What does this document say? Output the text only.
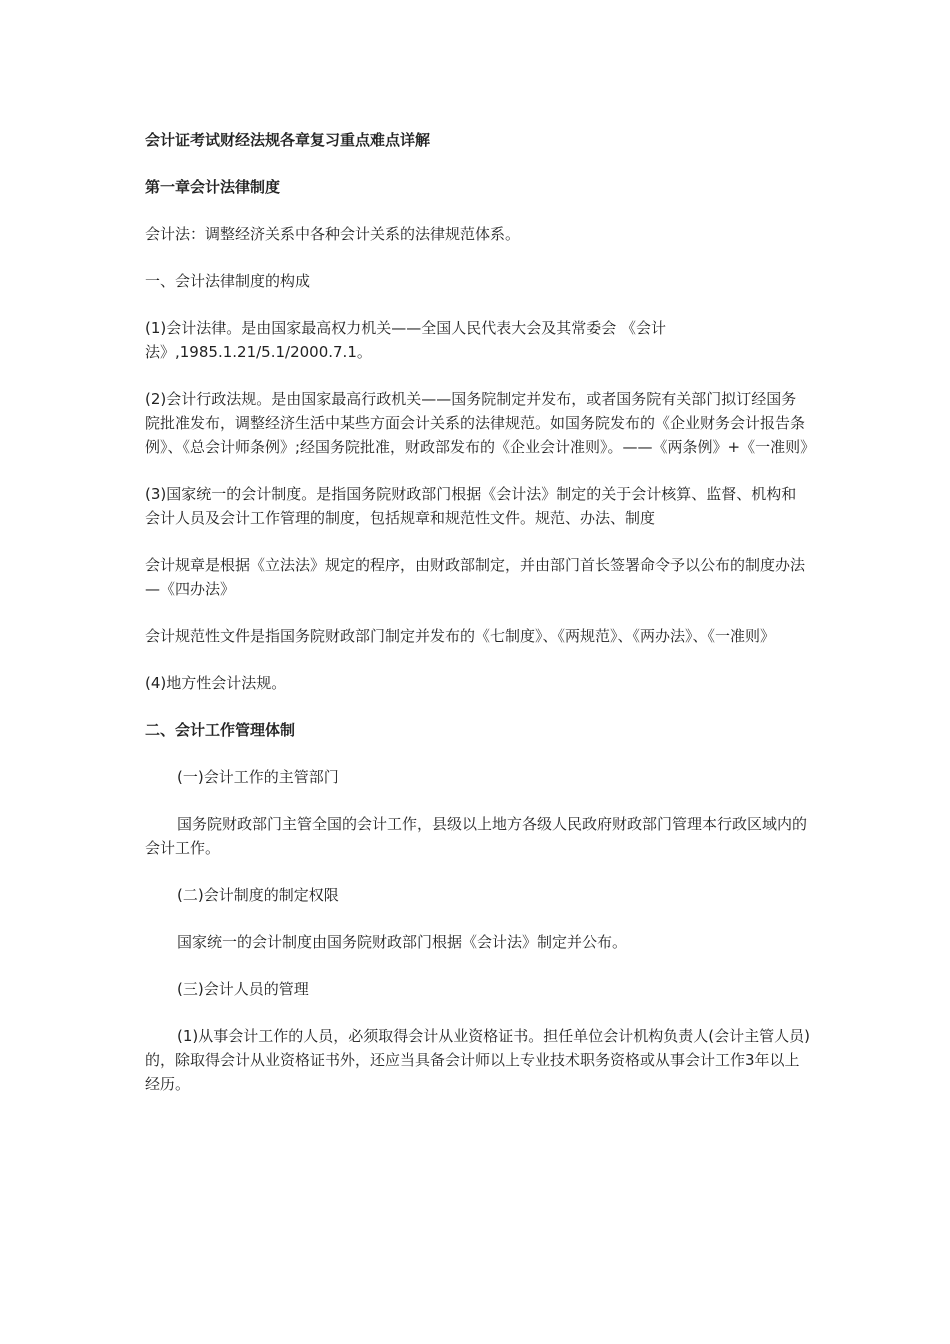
会计证考试财经法规各章复习重点难点详解

第一章会计法律制度

会计法：调整经济关系中各种会计关系的法律规范体系。

一、会计法律制度的构成

(1)会计法律。是由国家最高权力机关——全国人民代表大会及其常委会 《会计法》,1985.1.21/5.1/2000.7.1。

(2)会计行政法规。是由国家最高行政机关——国务院制定并发布，或者国务院有关部门拟订经国务院批准发布，调整经济生活中某些方面会计关系的法律规范。如国务院发布的《企业财务会计报告条例》、《总会计师条例》;经国务院批准，财政部发布的《企业会计准则》。——《两条例》+《一准则》

(3)国家统一的会计制度。是指国务院财政部门根据《会计法》制定的关于会计核算、监督、机构和会计人员及会计工作管理的制度，包括规章和规范性文件。规范、办法、制度

会计规章是根据《立法法》规定的程序，由财政部制定，并由部门首长签署命令予以公布的制度办法—《四办法》

会计规范性文件是指国务院财政部门制定并发布的《七制度》、《两规范》、《两办法》、《一准则》

(4)地方性会计法规。

二、会计工作管理体制

(一)会计工作的主管部门

国务院财政部门主管全国的会计工作，县级以上地方各级人民政府财政部门管理本行政区域内的会计工作。

(二)会计制度的制定权限

国家统一的会计制度由国务院财政部门根据《会计法》制定并公布。

(三)会计人员的管理

(1)从事会计工作的人员，必须取得会计从业资格证书。担任单位会计机构负责人(会计主管人员)的，除取得会计从业资格证书外，还应当具备会计师以上专业技术职务资格或从事会计工作3年以上经历。
